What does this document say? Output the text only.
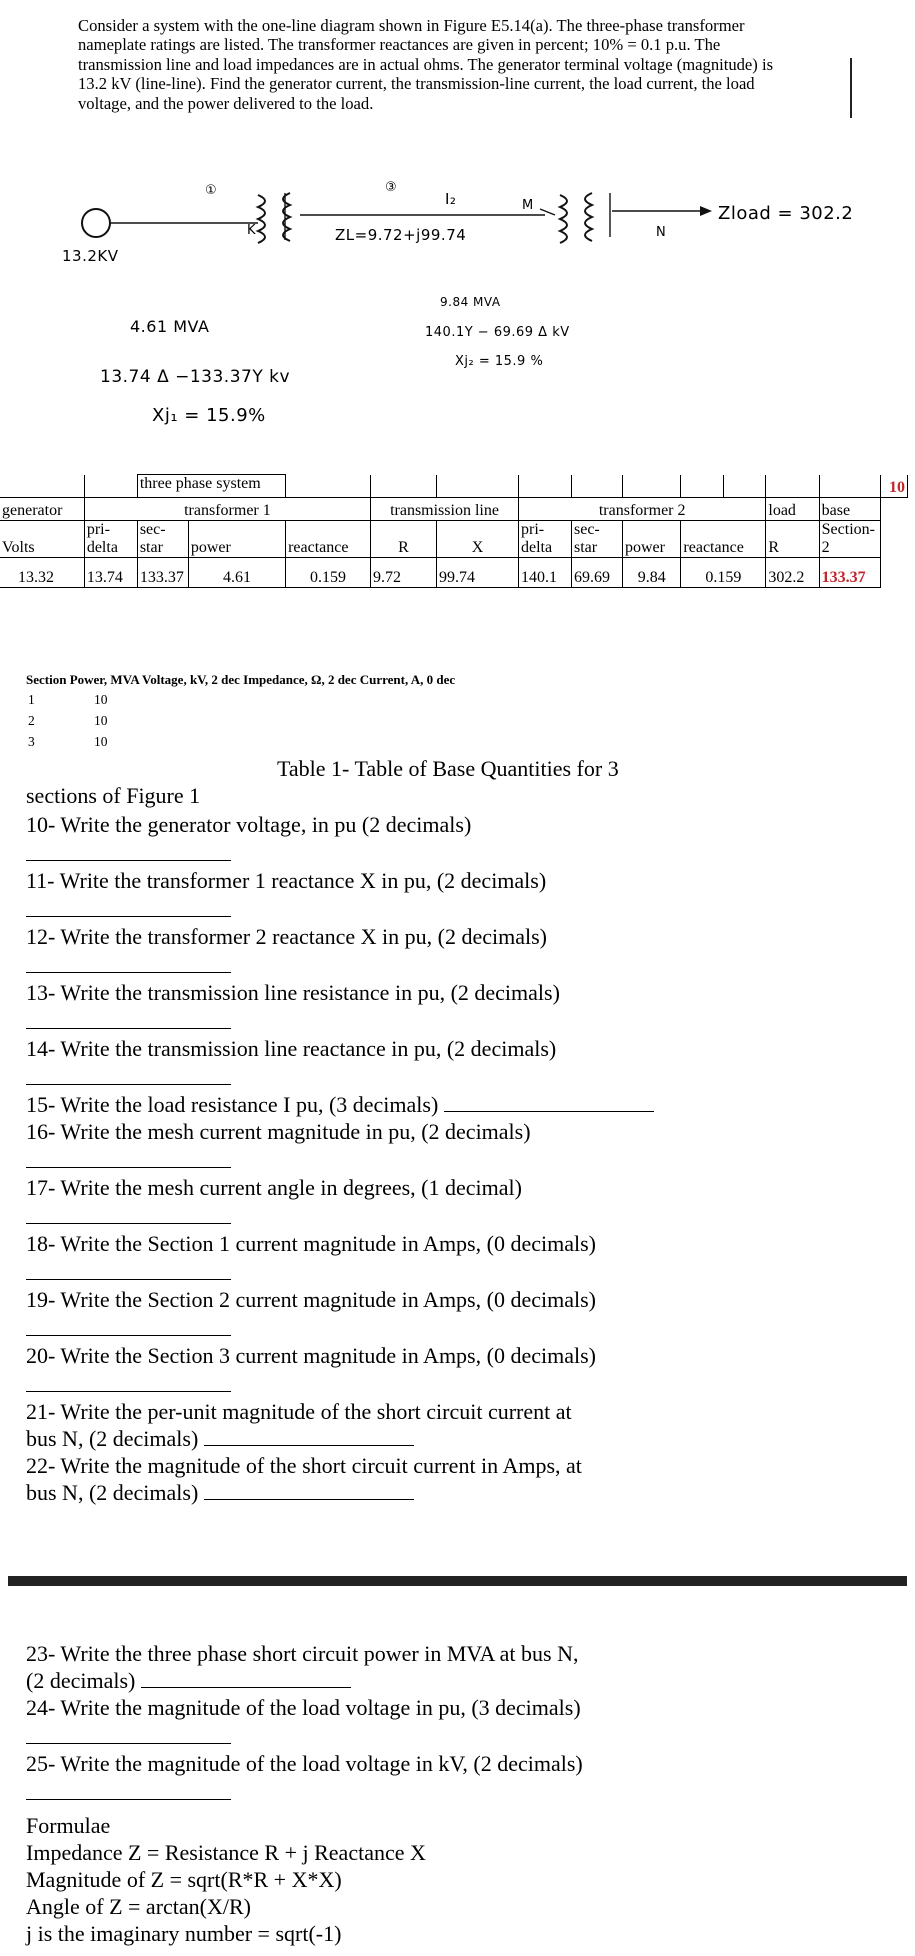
Consider a system with the one-line diagram shown in Figure E5.14(a). The three-phase transformer nameplate ratings are listed. The transformer reactances are given in percent; 10% = 0.1 p.u. The transmission line and load impedances are in actual ohms. The generator terminal voltage (magnitude) is 13.2 kV (line-line). Find the generator current, the transmission-line current, the load current, the load voltage, and the power delivered to the load.
13.2KV
①	③
K
I₂	M
ZL=9.72+j99.74	N
Zload = 302.2
4.61 MVA
13.74 Δ −133.37Y kv
Xj₁ = 15.9%
9.84 MVA
140.1Y − 69.69 Δ kV
Xj₂ = 15.9 %
		three phase system												10
generator	transformer 1				transmission line		transformer 2					load	base	
Volts	pri- delta	sec- star	power	reactance	R	X	pri- delta	sec- star	power	reactance		R	Section- 2	
13.32	13.74	133.37	4.61	0.159	9.72	99.74	140.1	69.69	9.84	0.159		302.2	133.37	
Section Power, MVA Voltage, kV, 2 dec Impedance, Ω, 2 dec Current, A, 0 dec
1	10
2	10
3	10
Table 1- Table of Base Quantities for 3
sections of Figure 1
10- Write the generator voltage, in pu (2 decimals)
11- Write the transformer 1 reactance X in pu, (2 decimals)
12- Write the transformer 2 reactance X in pu, (2 decimals)
13- Write the transmission line resistance in pu, (2 decimals)
14- Write the transmission line reactance in pu, (2 decimals)
15- Write the load resistance I pu, (3 decimals)
16- Write the mesh current magnitude in pu, (2 decimals)
17- Write the mesh current angle in degrees, (1 decimal)
18- Write the Section 1 current magnitude in Amps, (0 decimals)
19- Write the Section 2 current magnitude in Amps, (0 decimals)
20- Write the Section 3 current magnitude in Amps, (0 decimals)
21- Write the per-unit magnitude of the short circuit current at
bus N, (2 decimals)
22- Write the magnitude of the short circuit current in Amps, at
bus N, (2 decimals)
23- Write the three phase short circuit power in MVA at bus N,
(2 decimals)
24- Write the magnitude of the load voltage in pu, (3 decimals)
25- Write the magnitude of the load voltage in kV, (2 decimals)
Formulae
Impedance Z = Resistance R + j Reactance X
Magnitude of Z = sqrt(R*R + X*X)
Angle of Z = arctan(X/R)
j is the imaginary number = sqrt(-1)
